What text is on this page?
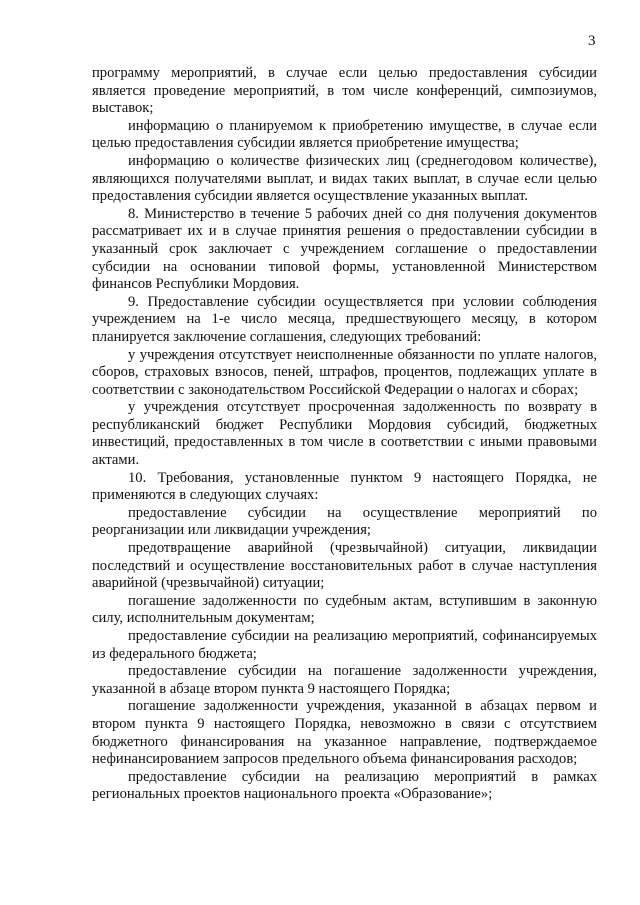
3

программу мероприятий, в случае если целью предоставления субсидии является проведение мероприятий, в том числе конференций, симпозиумов, выставок;

информацию о планируемом к приобретению имуществе, в случае если целью предоставления субсидии является приобретение имущества;

информацию о количестве физических лиц (среднегодовом количестве), являющихся получателями выплат, и видах таких выплат, в случае если целью предоставления субсидии является осуществление указанных выплат.

8. Министерство в течение 5 рабочих дней со дня получения документов рассматривает их и в случае принятия решения о предоставлении субсидии в указанный срок заключает с учреждением соглашение о предоставлении субсидии на основании типовой формы, установленной Министерством финансов Республики Мордовия.

9. Предоставление субсидии осуществляется при условии соблюдения учреждением на 1-е число месяца, предшествующего месяцу, в котором планируется заключение соглашения, следующих требований:

у учреждения отсутствует неисполненные обязанности по уплате налогов, сборов, страховых взносов, пеней, штрафов, процентов, подлежащих уплате в соответствии с законодательством Российской Федерации о налогах и сборах;

у учреждения отсутствует просроченная задолженность по возврату в республиканский бюджет Республики Мордовия субсидий, бюджетных инвестиций, предоставленных в том числе в соответствии с иными правовыми актами.

10. Требования, установленные пунктом 9 настоящего Порядка, не применяются в следующих случаях:

предоставление субсидии на осуществление мероприятий по реорганизации или ликвидации учреждения;

предотвращение аварийной (чрезвычайной) ситуации, ликвидации последствий и осуществление восстановительных работ в случае наступления аварийной (чрезвычайной) ситуации;

погашение задолженности по судебным актам, вступившим в законную силу, исполнительным документам;

предоставление субсидии на реализацию мероприятий, софинансируемых из федерального бюджета;

предоставление субсидии на погашение задолженности учреждения, указанной в абзаце втором пункта 9 настоящего Порядка;

погашение задолженности учреждения, указанной в абзацах первом и втором пункта 9 настоящего Порядка, невозможно в связи с отсутствием бюджетного финансирования на указанное направление, подтверждаемое нефинансированием запросов предельного объема финансирования расходов;

предоставление субсидии на реализацию мероприятий в рамках региональных проектов национального проекта «Образование»;
